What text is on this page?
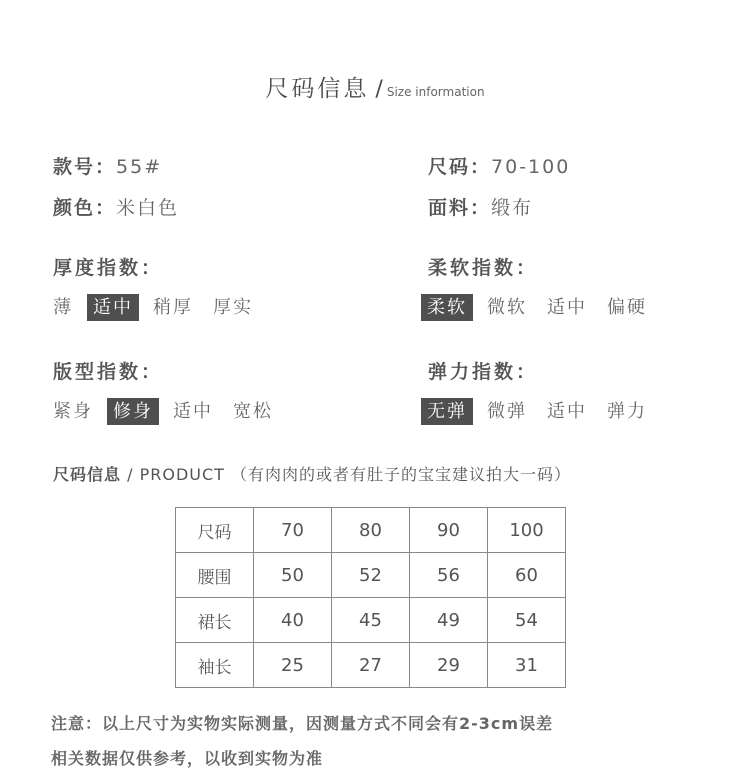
尺码信息 / Size information
款号：55#	尺码：70-100
颜色：米白色	面料：缎布
厚度指数：
薄 适中 稍厚 厚实
柔软指数：
柔软 微软 适中 偏硬
版型指数：
紧身 修身 适中 宽松
弹力指数：
无弹 微弹 适中 弹力
尺码信息 / PRODUCT （有肉肉的或者有肚子的宝宝建议拍大一码）
尺码	70	80	90	100
腰围	50	52	56	60
裙长	40	45	49	54
袖长	25	27	29	31
注意：以上尺寸为实物实际测量，因测量方式不同会有2-3cm误差
相关数据仅供参考，以收到实物为准
